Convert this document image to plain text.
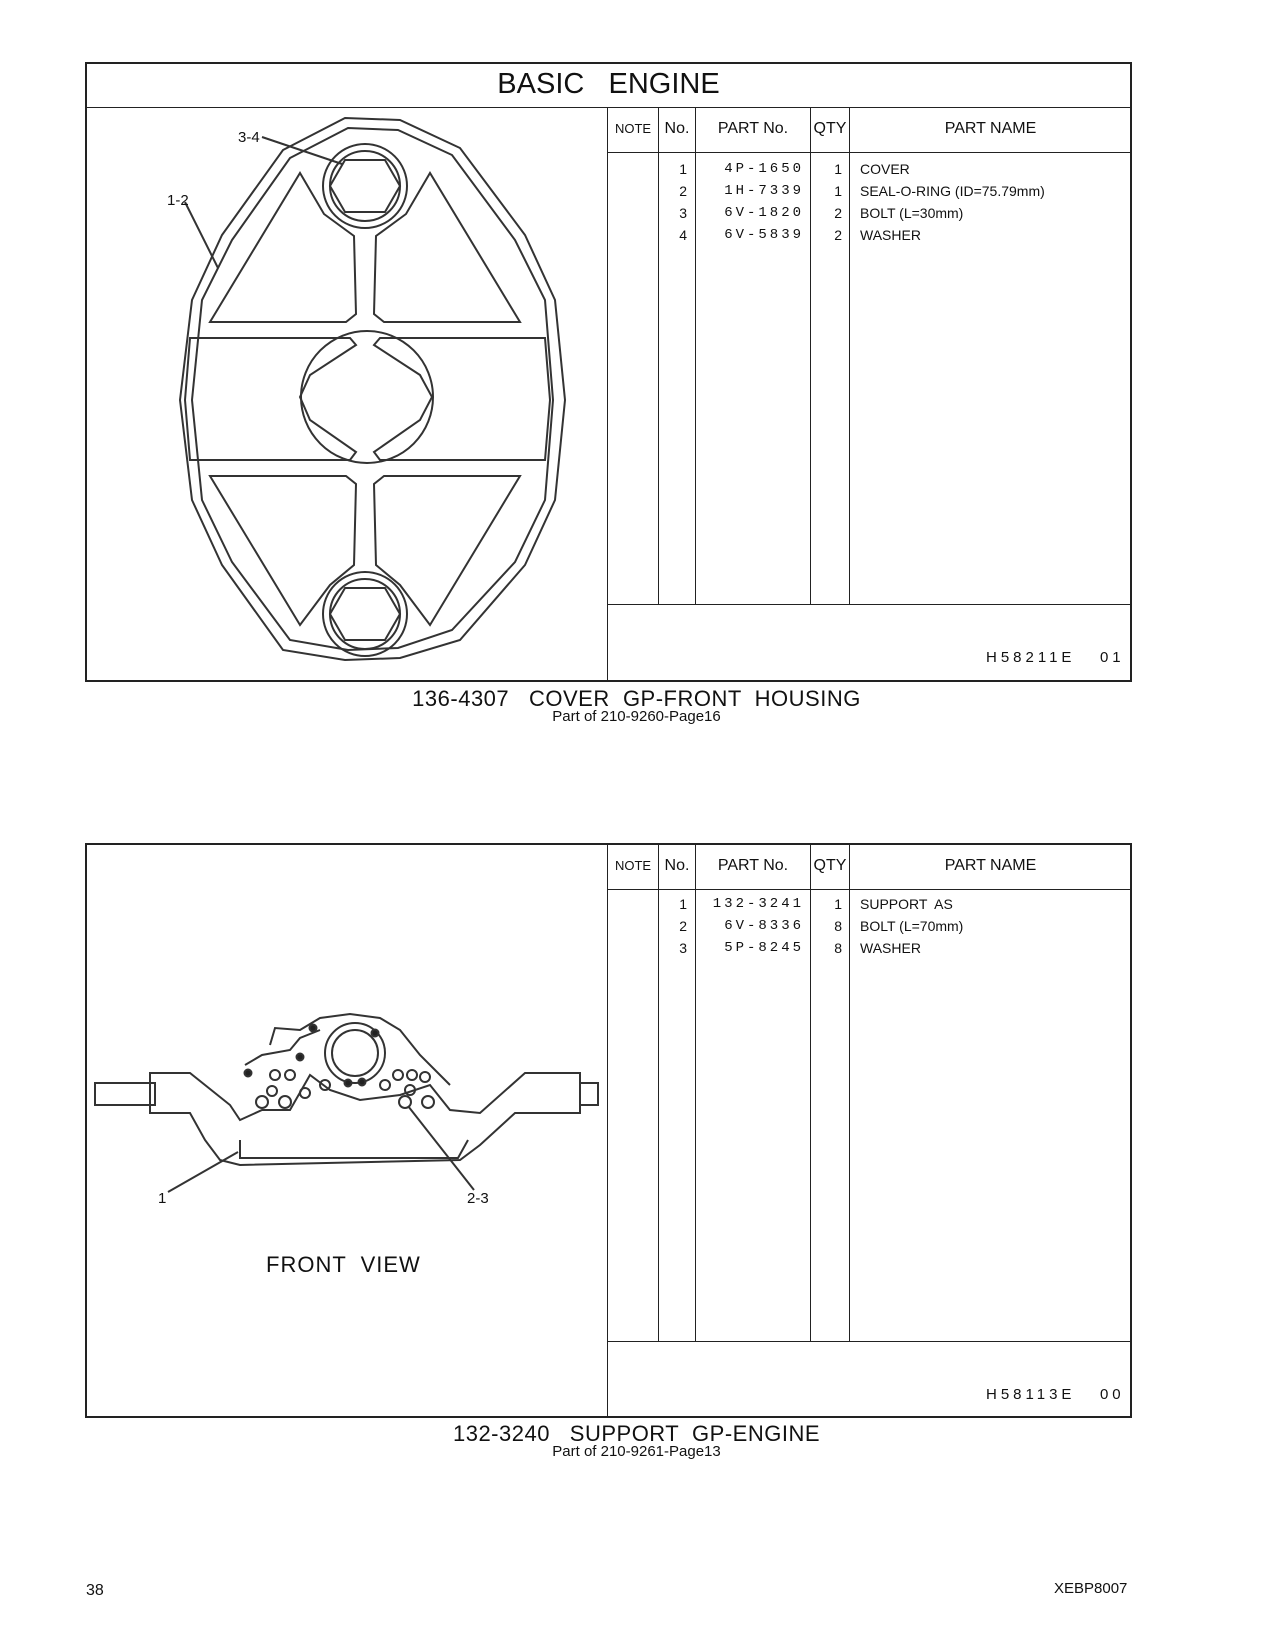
BASIC   ENGINE
NOTE No.	PART No.	QTY	PART NAME
1	4P-1650	1 COVER
2	1H-7339	1 SEAL-O-RING (ID=75.79mm)
3	6V-1820	2 BOLT (L=30mm)
4	6V-5839	2 WASHER
H58211E   01
3-4
1-2
136-4307   COVER  GP-FRONT  HOUSING
Part of 210-9260-Page16
NOTE No.	PART No.	QTY	PART NAME
1	132-3241	1 SUPPORT  AS
2	6V-8336	8 BOLT (L=70mm)
3	5P-8245	8 WASHER
H58113E   00
1	2-3
FRONT  VIEW
132-3240   SUPPORT  GP-ENGINE
Part of 210-9261-Page13
38	XEBP8007
